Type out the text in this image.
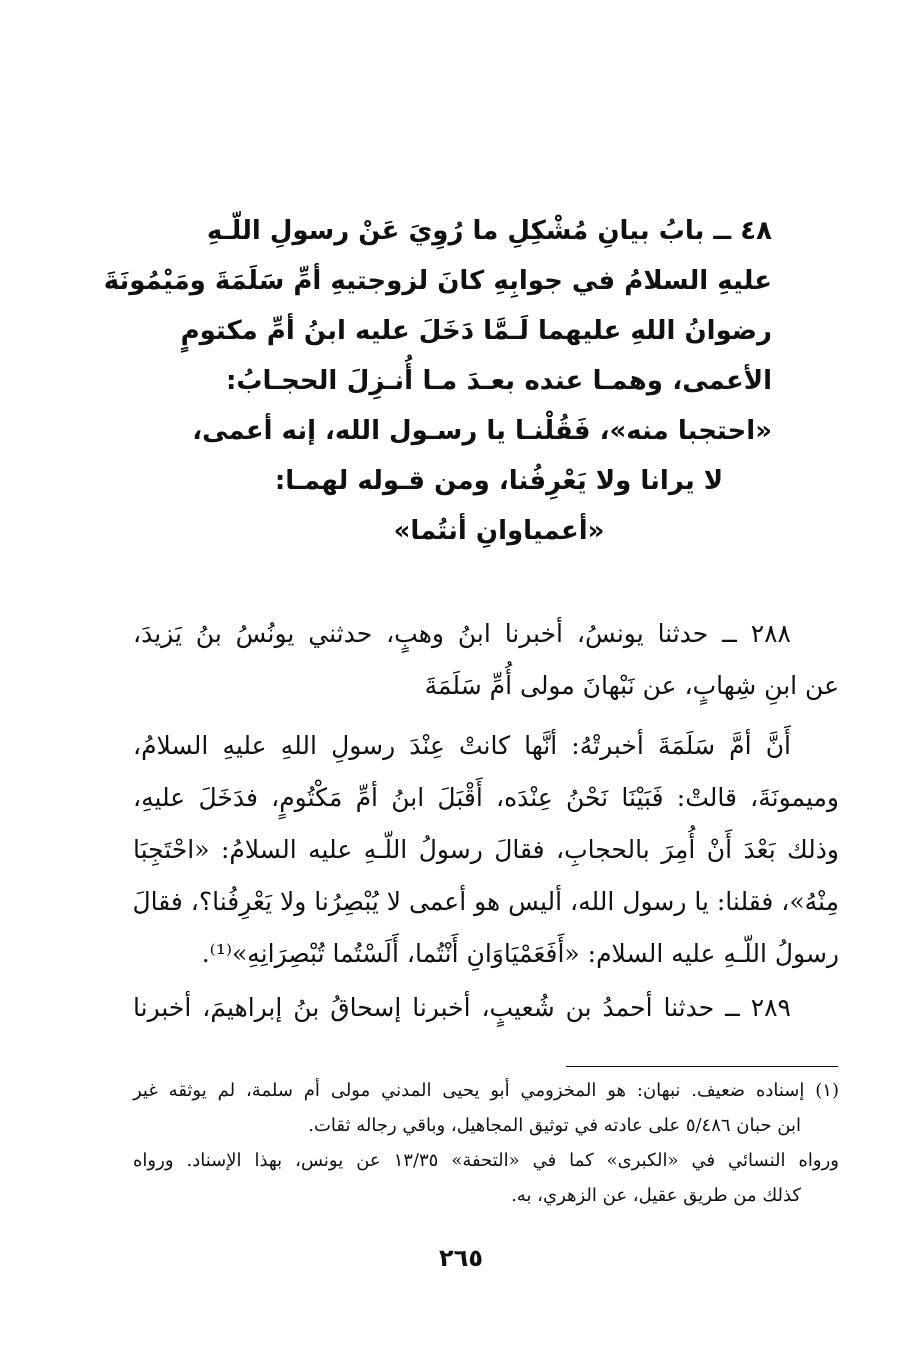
٤٨ ــ بابُ بيانِ مُشْكِلِ ما رُوِيَ عَنْ رسولِ اللّـهِ
عليهِ السلامُ في جوابِهِ كانَ لزوجتيهِ أمِّ سَلَمَةَ ومَيْمُونَةَ
رضوانُ اللهِ عليهما لَـمَّا دَخَلَ عليه ابنُ أمِّ مكتومٍ
الأعمى، وهمـا عنده بعـدَ مـا أُنـزِلَ الحجـابُ:
«احتجبا منه»، فَقُلْنـا يا رسـول الله، إنه أعمى،
لا يرانا ولا يَعْرِفُنا، ومن قـوله لهمـا:
«أعمياوانِ أنتُما»
٢٨٨ ــ حدثنا يونسُ، أخبرنا ابنُ وهبٍ، حدثني يونُسُ بنُ يَزيدَ،
عن ابنِ شِهابٍ، عن نَبْهانَ مولى أُمِّ سَلَمَةَ
أَنَّ أمَّ سَلَمَةَ أخبرتْهُ: أنَّها كانتْ عِنْدَ رسولِ اللهِ عليهِ السلامُ،
وميمونَةَ، قالتْ: فَبَيْنَا نَحْنُ عِنْدَه، أَقْبَلَ ابنُ أمِّ مَكْتُومٍ، فدَخَلَ عليهِ،
وذلك بَعْدَ أَنْ أُمِرَ بالحجابِ، فقالَ رسولُ اللّـهِ عليه السلامُ: «احْتَجِبَا
مِنْهُ»، فقلنا: يا رسول الله، أليس هو أعمى لا يُبْصِرُنا ولا يَعْرِفُنا؟، فقالَ
رسولُ اللّـهِ عليه السلام: «أَفَعَمْيَاوَانِ أَنْتُما، أَلَسْتُما تُبْصِرَانِهِ»⁽¹⁾.
٢٨٩ ــ حدثنا أحمدُ بن شُعيبٍ، أخبرنا إسحاقُ بنُ إبراهيمَ، أخبرنا
(١) إسناده ضعيف. نبهان: هو المخزومي أبو يحيى المدني مولى أم سلمة، لم يوثقه غير
ابن حبان ٥/٤٨٦ على عادته في توثيق المجاهيل، وباقي رجاله ثقات.
ورواه النسائي في «الكبرى» كما في «التحفة» ١٣/٣٥ عن يونس، بهذا الإسناد. ورواه
كذلك من طريق عقيل، عن الزهري، به.
٢٦٥
